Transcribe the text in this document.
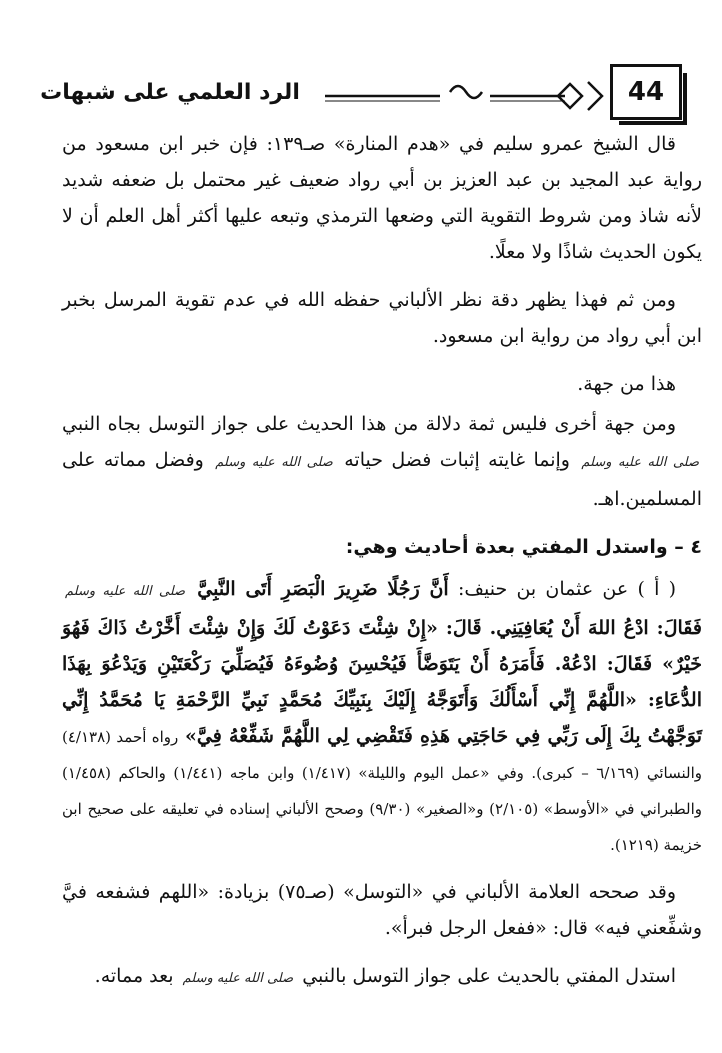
الرد العلمي على شبهات	44

قال الشيخ عمرو سليم في «هدم المنارة» صـ١٣٩: فإن خبر ابن مسعود من رواية عبد المجيد بن عبد العزيز بن أبي رواد ضعيف غير محتمل بل ضعفه شديد لأنه شاذ ومن شروط التقوية التي وضعها الترمذي وتبعه عليها أكثر أهل العلم أن لا يكون الحديث شاذًا ولا معلًا.

ومن ثم فهذا يظهر دقة نظر الألباني حفظه الله في عدم تقوية المرسل بخبر ابن أبي رواد من رواية ابن مسعود.

هذا من جهة.

ومن جهة أخرى فليس ثمة دلالة من هذا الحديث على جواز التوسل بجاه النبي صلى الله عليه وسلم وإنما غايته إثبات فضل حياته صلى الله عليه وسلم وفضل مماته على المسلمين.اهـ.

٤ – واستدل المفتي بعدة أحاديث وهي:

( أ ) عن عثمان بن حنيف: أَنَّ رَجُلًا ضَرِيرَ الْبَصَرِ أَتَى النَّبِيَّ صلى الله عليه وسلم فَقَالَ: ادْعُ اللهَ أَنْ يُعَافِيَنِي. قَالَ: «إِنْ شِئْتَ دَعَوْتُ لَكَ وَإِنْ شِئْتَ أَخَّرْتُ ذَاكَ فَهُوَ خَيْرٌ» فَقَالَ: ادْعُهْ. فَأَمَرَهُ أَنْ يَتَوَضَّأَ فَيُحْسِنَ وُضُوءَهُ فَيُصَلِّيَ رَكْعَتَيْنِ وَيَدْعُوَ بِهَذَا الدُّعَاءِ: «اللَّهُمَّ إِنِّي أَسْأَلُكَ وَأَتَوَجَّهُ إِلَيْكَ بِنَبِيِّكَ مُحَمَّدٍ نَبِيِّ الرَّحْمَةِ يَا مُحَمَّدُ إِنِّي تَوَجَّهْتُ بِكَ إِلَى رَبِّي فِي حَاجَتِي هَذِهِ فَتَقْضِي لِي اللَّهُمَّ شَفِّعْهُ فِيَّ» رواه أحمد (٤/١٣٨) والنسائي (٦/١٦٩ – كبرى). وفي «عمل اليوم والليلة» (١/٤١٧) وابن ماجه (١/٤٤١) والحاكم (١/٤٥٨) والطبراني في «الأوسط» (٢/١٠٥) و«الصغير» (٩/٣٠) وصحح الألباني إسناده في تعليقه على صحيح ابن خزيمة (١٢١٩).

وقد صححه العلامة الألباني في «التوسل» (صـ٧٥) بزيادة: «اللهم فشفعه فيَّ وشفِّعني فيه» قال: «ففعل الرجل فبرأ».

استدل المفتي بالحديث على جواز التوسل بالنبي صلى الله عليه وسلم بعد مماته.
